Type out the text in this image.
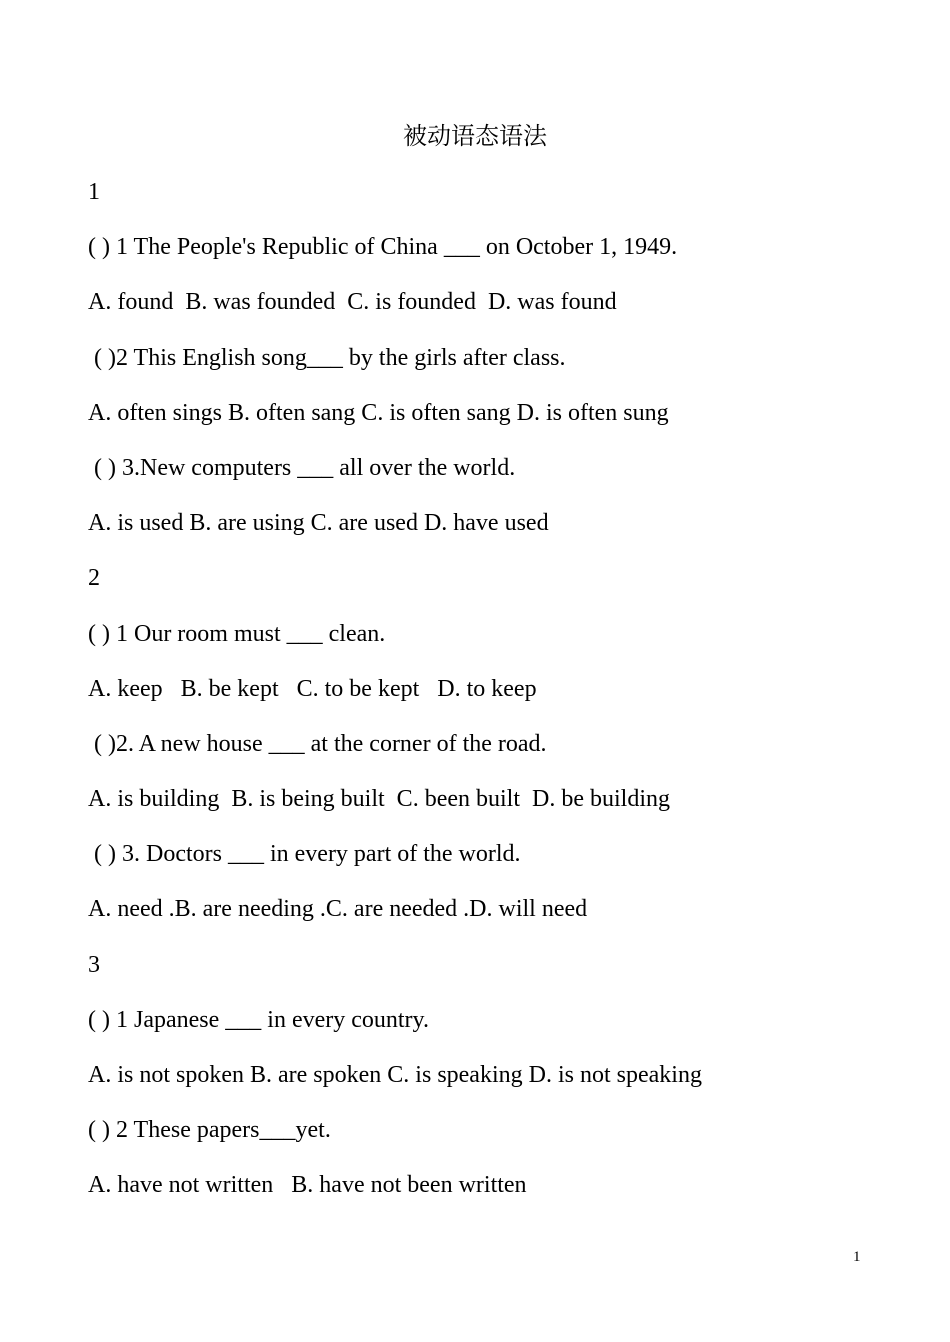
被动语态语法
1
( ) 1 The People's Republic of China ___ on October 1, 1949.
A. found  B. was founded  C. is founded  D. was found
( )2 This English song___ by the girls after class.
A. often sings B. often sang C. is often sang D. is often sung
( ) 3.New computers ___ all over the world.
A. is used B. are using C. are used D. have used
2
( ) 1 Our room must ___ clean.
A. keep   B. be kept   C. to be kept   D. to keep
( )2. A new house ___ at the corner of the road.
A. is building  B. is being built  C. been built  D. be building
( ) 3. Doctors ___ in every part of the world.
A. need .B. are needing .C. are needed .D. will need
3
( ) 1 Japanese ___ in every country.
A. is not spoken B. are spoken C. is speaking D. is not speaking
( ) 2 These papers___yet.
A. have not written   B. have not been written
1
